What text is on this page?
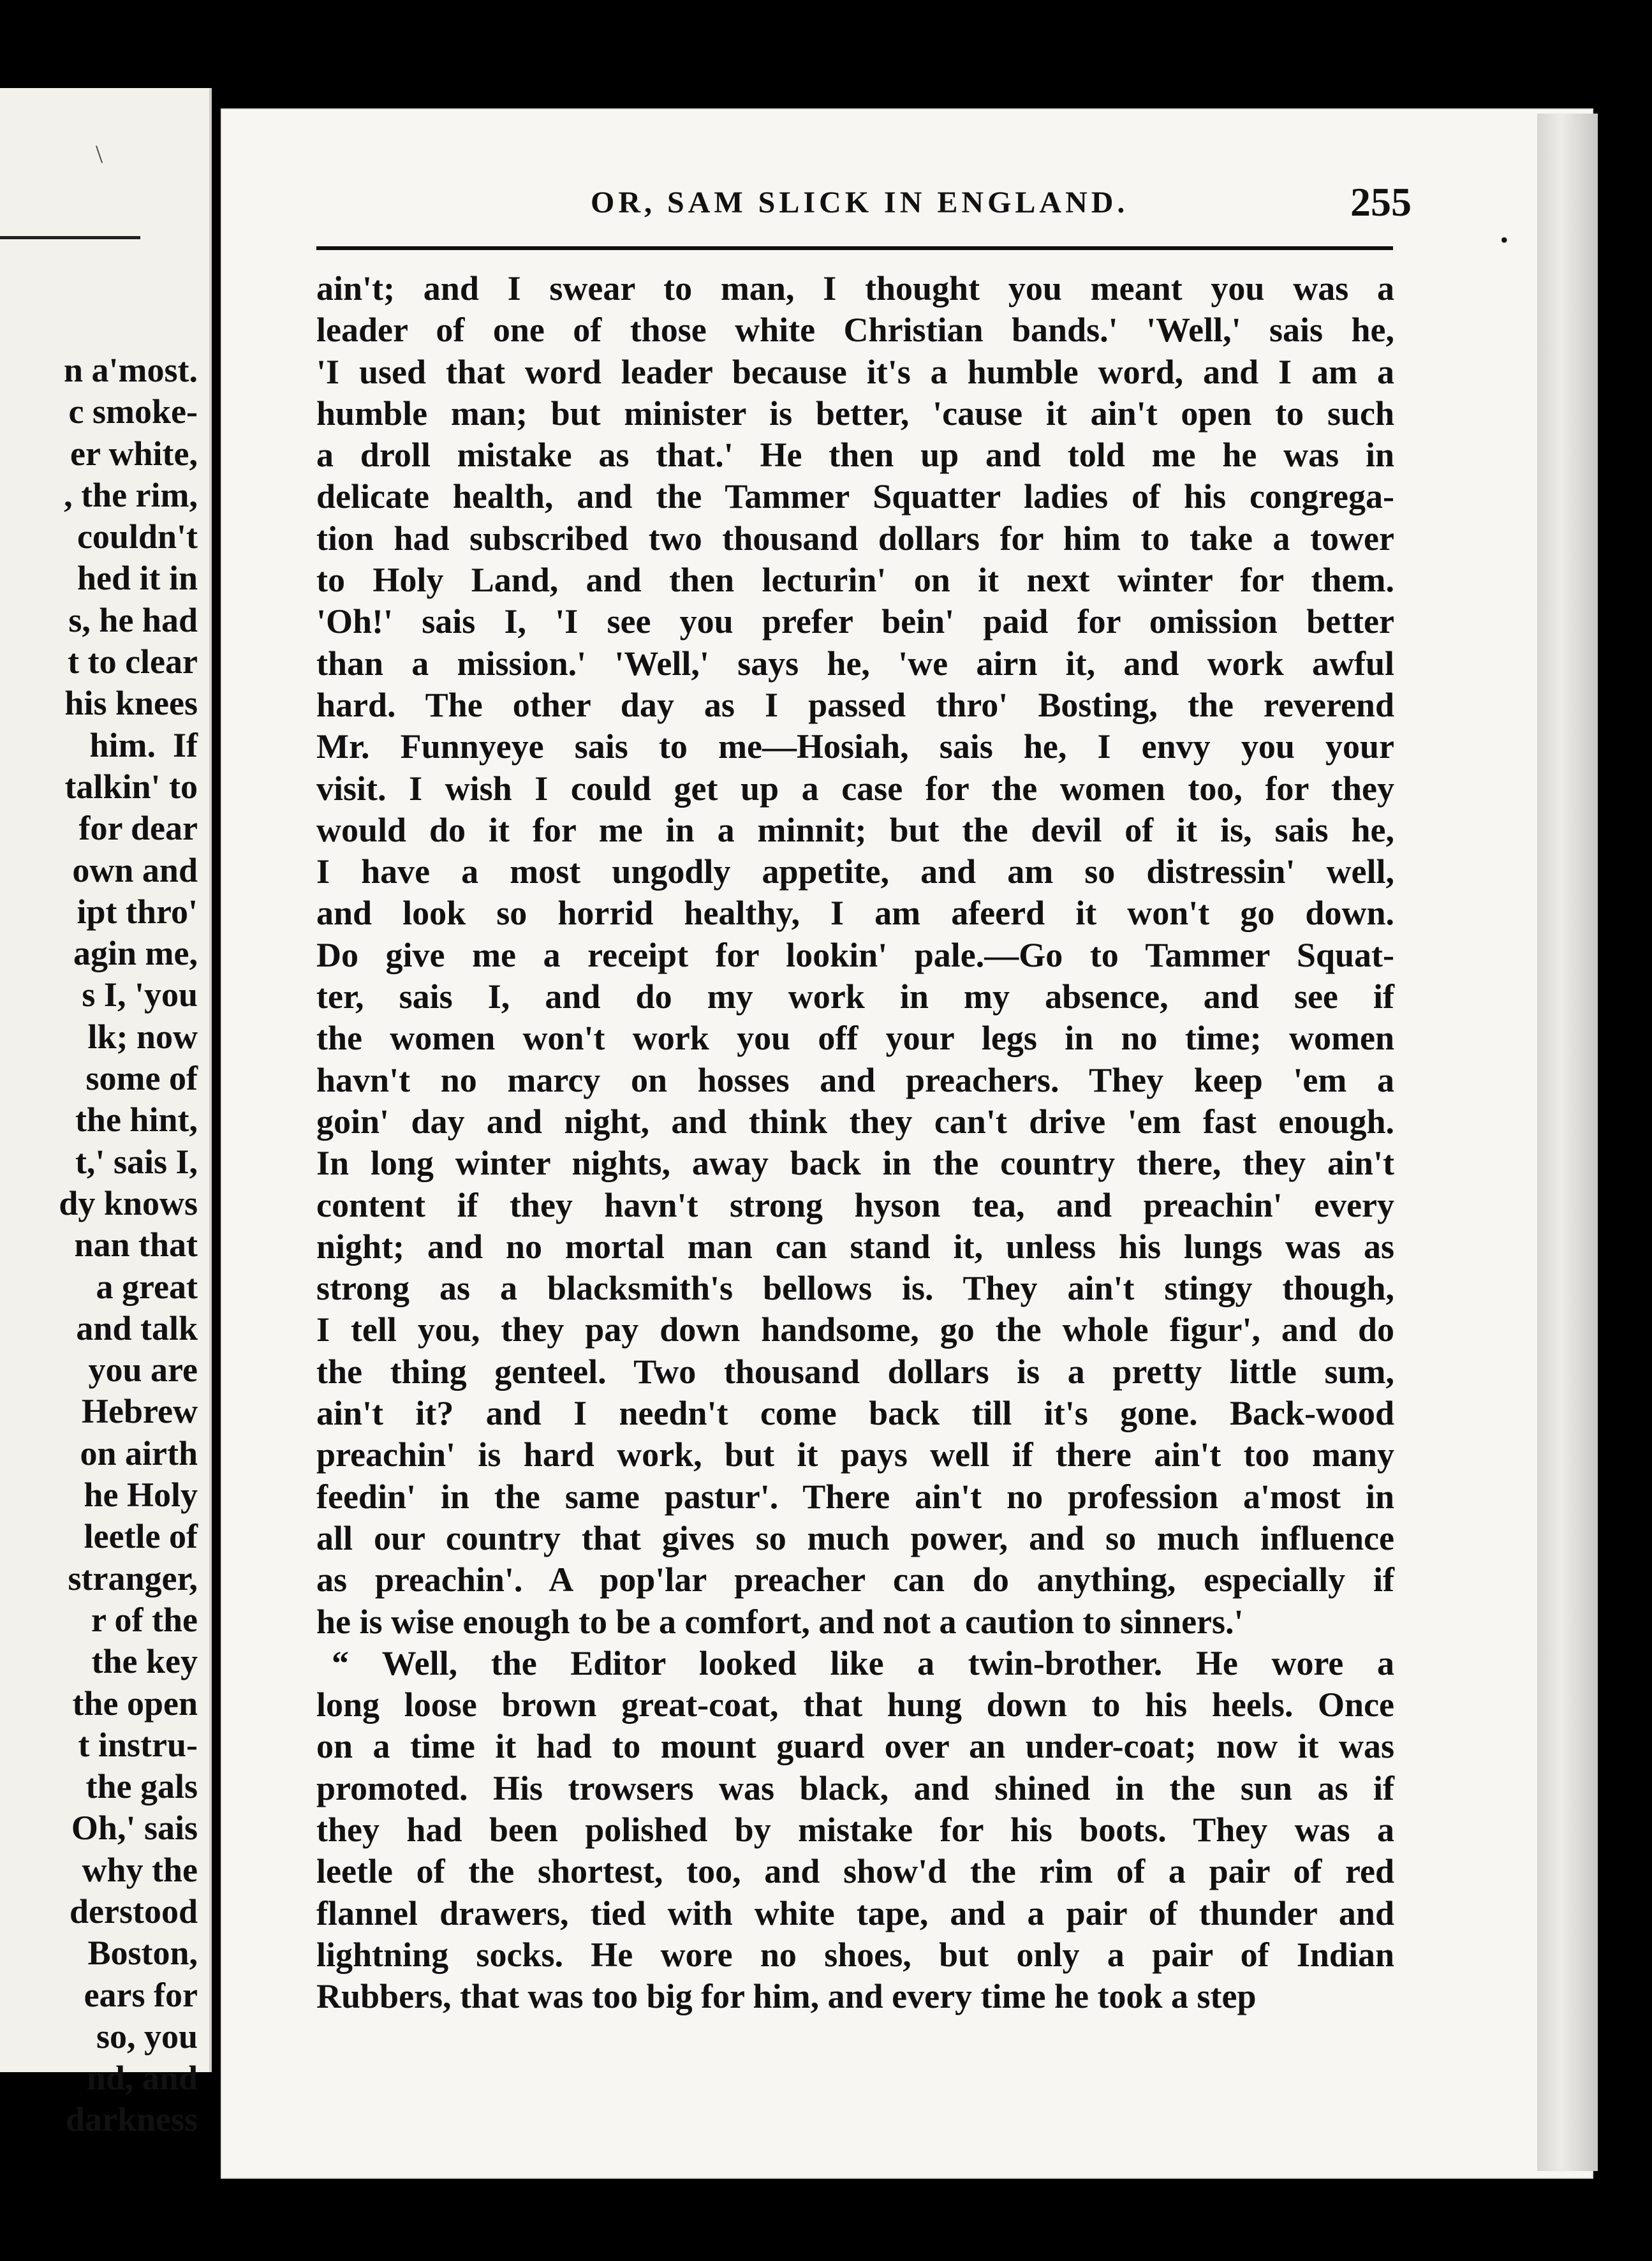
\
n a'most.
c smoke-
er white,
, the rim,
couldn't
hed it in
s, he had
t to clear
his knees
him.  If
talkin' to
for dear
own and
ipt thro'
agin me,
s I, 'you
lk; now
some of
the hint,
t,' sais I,
dy knows
nan that
a great
and talk
you are
Hebrew
on airth
he Holy
leetle of
stranger,
r of the
the key
the open
t instru-
the gals
Oh,' sais
why the
derstood
Boston,
ears for
so, you
nd, and
darkness
OR, SAM SLICK IN ENGLAND.	255
ain't; and I swear to man, I thought you meant you was a
leader of one of those white Christian bands.' 'Well,' sais he,
'I used that word leader because it's a humble word, and I am a
humble man; but minister is better, 'cause it ain't open to such
a droll mistake as that.' He then up and told me he was in
delicate health, and the Tammer Squatter ladies of his congrega-
tion had subscribed two thousand dollars for him to take a tower
to Holy Land, and then lecturin' on it next winter for them.
'Oh!' sais I, 'I see you prefer bein' paid for omission better
than a mission.' 'Well,' says he, 'we airn it, and work awful
hard. The other day as I passed thro' Bosting, the reverend
Mr. Funnyeye sais to me—Hosiah, sais he, I envy you your
visit. I wish I could get up a case for the women too, for they
would do it for me in a minnit; but the devil of it is, sais he,
I have a most ungodly appetite, and am so distressin' well,
and look so horrid healthy, I am afeerd it won't go down.
Do give me a receipt for lookin' pale.—Go to Tammer Squat-
ter, sais I, and do my work in my absence, and see if
the women won't work you off your legs in no time; women
havn't no marcy on hosses and preachers. They keep 'em a
goin' day and night, and think they can't drive 'em fast enough.
In long winter nights, away back in the country there, they ain't
content if they havn't strong hyson tea, and preachin' every
night; and no mortal man can stand it, unless his lungs was as
strong as a blacksmith's bellows is. They ain't stingy though,
I tell you, they pay down handsome, go the whole figur', and do
the thing genteel. Two thousand dollars is a pretty little sum,
ain't it? and I needn't come back till it's gone. Back-wood
preachin' is hard work, but it pays well if there ain't too many
feedin' in the same pastur'. There ain't no profession a'most in
all our country that gives so much power, and so much influence
as preachin'. A pop'lar preacher can do anything, especially if
he is wise enough to be a comfort, and not a caution to sinners.'
“ Well, the Editor looked like a twin-brother. He wore a
long loose brown great-coat, that hung down to his heels. Once
on a time it had to mount guard over an under-coat; now it was
promoted. His trowsers was black, and shined in the sun as if
they had been polished by mistake for his boots. They was a
leetle of the shortest, too, and show'd the rim of a pair of red
flannel drawers, tied with white tape, and a pair of thunder and
lightning socks. He wore no shoes, but only a pair of Indian
Rubbers, that was too big for him, and every time he took a step
•
